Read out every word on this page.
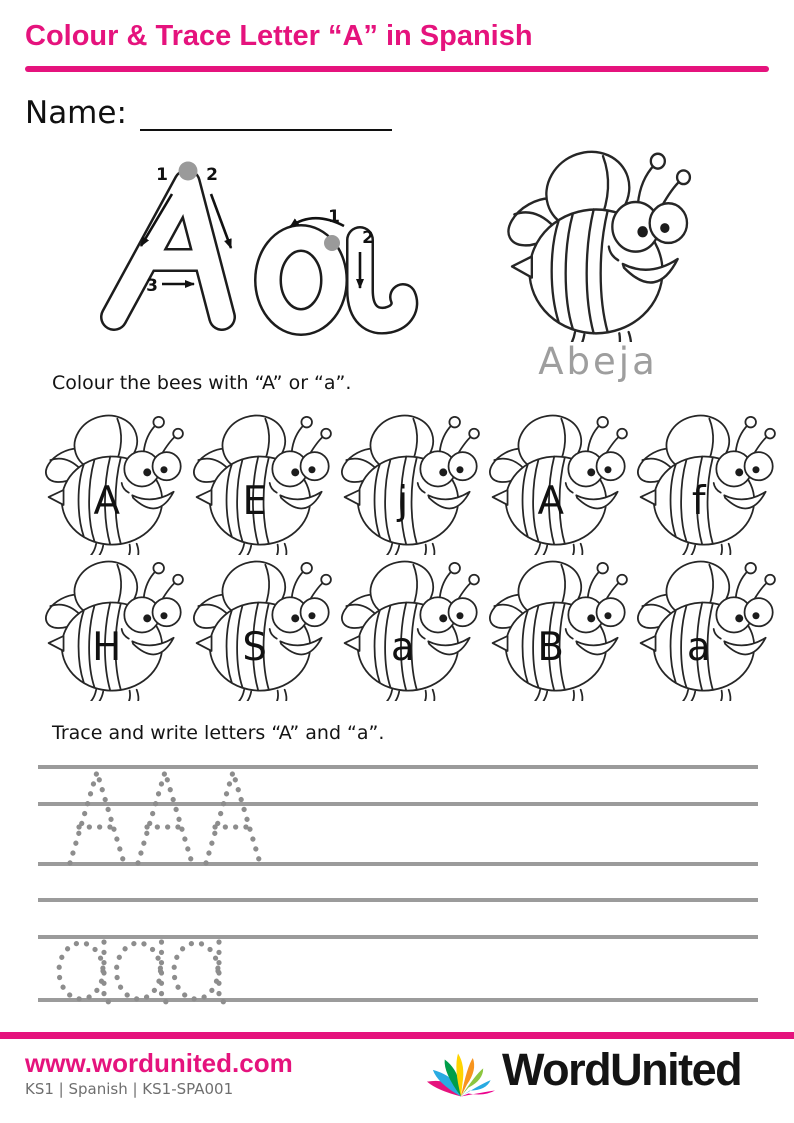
Colour & Trace Letter “A” in Spanish
Name:
1 2
3
1
2
Abeja
Colour the bees with “A” or “a”.
A	E	j	A	f
H	S	a	B	a
Trace and write letters “A” and “a”.
www.wordunited.com
KS1 | Spanish | KS1-SPA001	WordUnited
